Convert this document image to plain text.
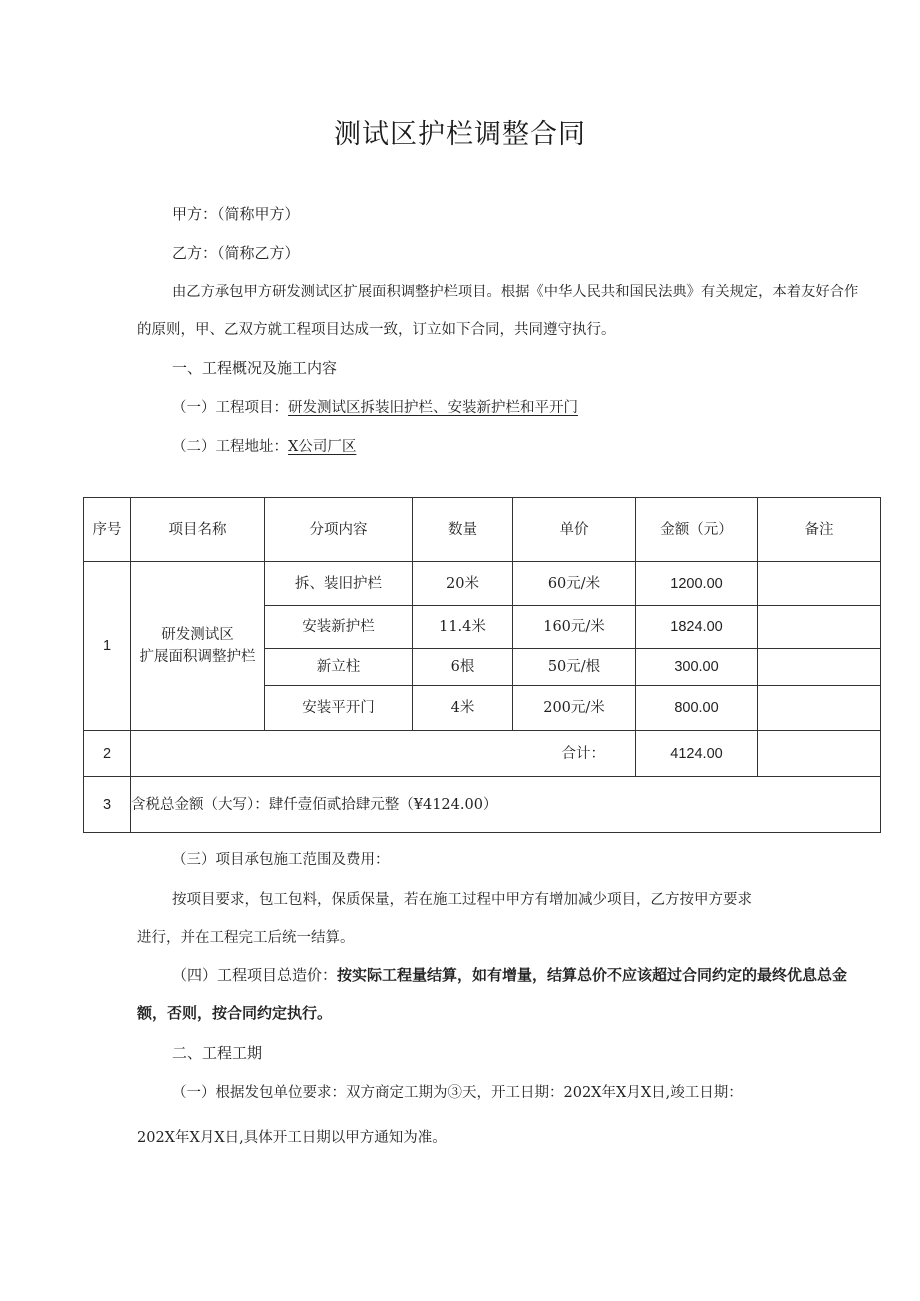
测试区护栏调整合同
甲方：（简称甲方）
乙方：（简称乙方）
由乙方承包甲方研发测试区扩展面积调整护栏项目。根据《中华人民共和国民法典》有关规定，本着友好合作
的原则，甲、乙双方就工程项目达成一致，订立如下合同，共同遵守执行。
一、工程概况及施工内容
（一）工程项目：研发测试区拆装旧护栏、安装新护栏和平开门
（二）工程地址：X公司厂区
序号	项目名称	分项内容	数量	单价	金额（元）	备注
1	研发测试区
扩展面积调整护栏	拆、装旧护栏	20米	60元/米	1200.00	
		安装新护栏	11.4米	160元/米	1824.00	
		新立柱	6根	50元/根	300.00	
		安装平开门	4米	200元/米	800.00	
2	合计：				4124.00	
3	含税总金额（大写）：肆仟壹佰贰拾肆元整（¥4124.00）					
（三）项目承包施工范围及费用：
按项目要求，包工包料，保质保量，若在施工过程中甲方有增加减少项目，乙方按甲方要求
进行，并在工程完工后统一结算。
（四）工程项目总造价：按实际工程量结算，如有增量，结算总价不应该超过合同约定的最终优息总金
额，否则，按合同约定执行。
二、工程工期
（一）根据发包单位要求：双方商定工期为③天，开工日期：202X年X月X日,竣工日期：
202X年X月X日,具体开工日期以甲方通知为准。
